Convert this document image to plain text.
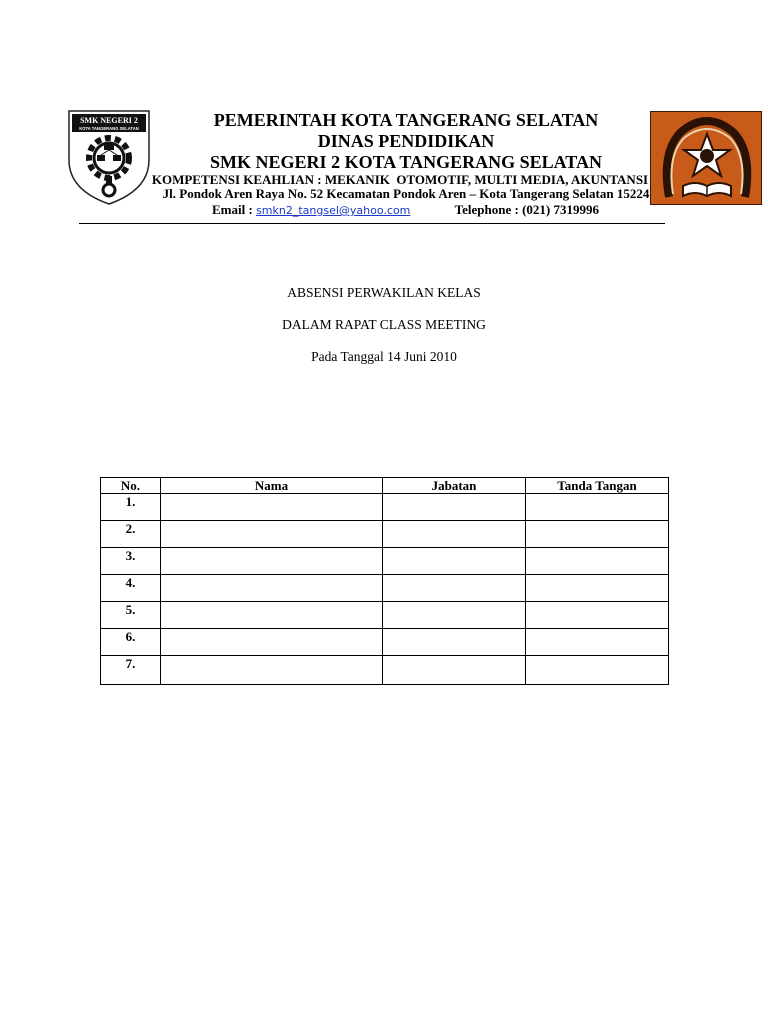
SMK NEGERI 2
KOTA TANGERANG SELATAN	PEMERINTAH KOTA TANGERANG SELATAN
DINAS PENDIDIKAN
SMK NEGERI 2 KOTA TANGERANG SELATAN
KOMPETENSI KEAHLIAN : MEKANIK  OTOMOTIF, MULTI MEDIA, AKUNTANSI
Jl. Pondok Aren Raya No. 52 Kecamatan Pondok Aren – Kota Tangerang Selatan 15224
Email : smkn2_tangsel@yahoo.com	Telephone : (021) 7319996
ABSENSI PERWAKILAN KELAS
DALAM RAPAT CLASS MEETING
Pada Tanggal 14 Juni 2010
No.	Nama	Jabatan	Tanda Tangan
1.			
2.			
3.			
4.			
5.			
6.			
7.			
